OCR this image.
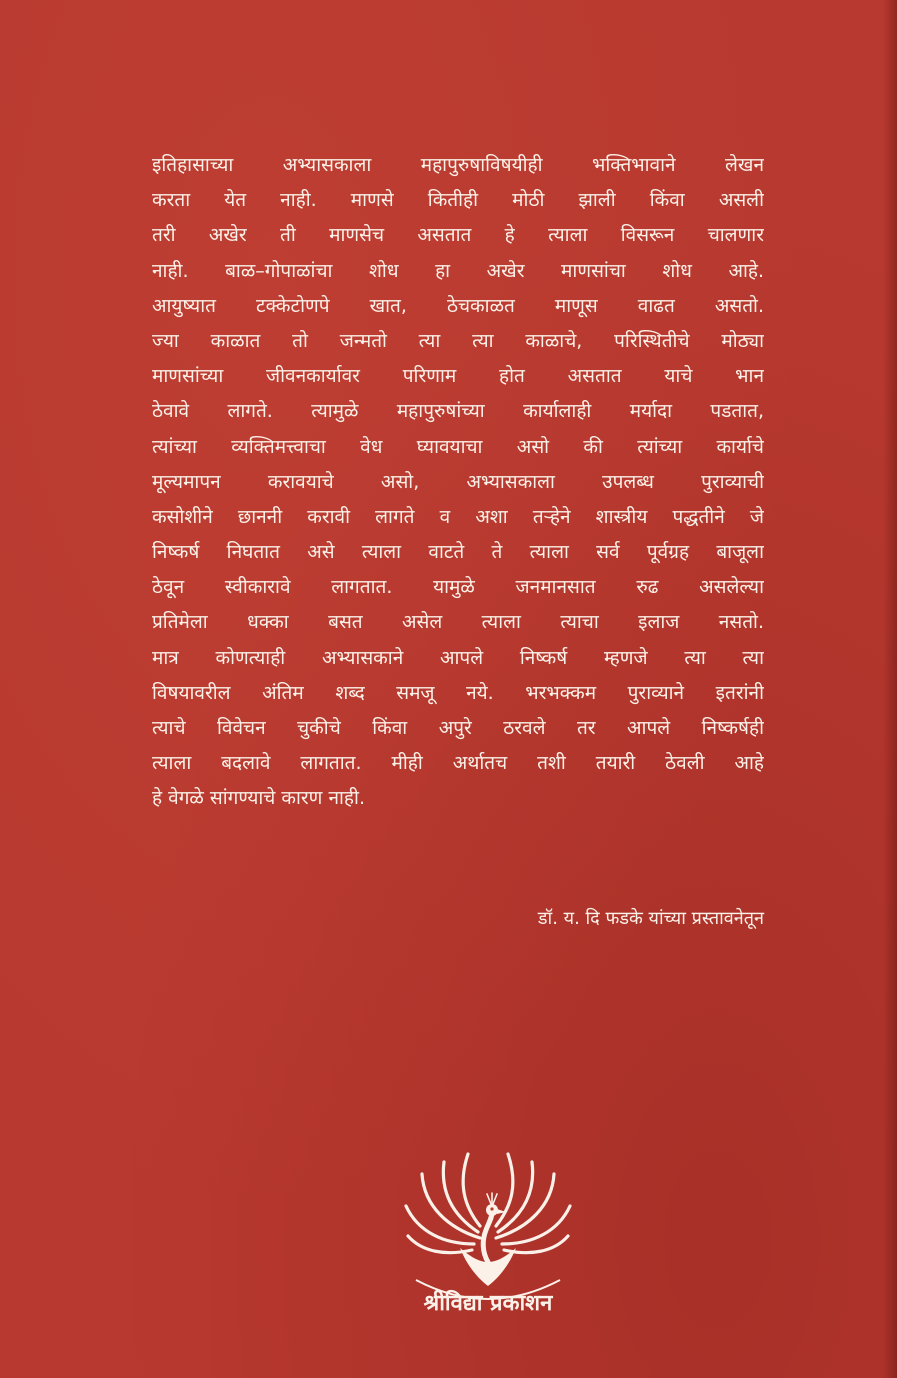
इतिहासाच्या अभ्यासकाला महापुरुषाविषयीही भक्तिभावाने लेखन
करता येत नाही. माणसे कितीही मोठी झाली किंवा असली
तरी अखेर ती माणसेच असतात हे त्याला विसरून चालणार
नाही. बाळ–गोपाळांचा शोध हा अखेर माणसांचा शोध आहे.
आयुष्यात टक्केटोणपे खात, ठेचकाळत माणूस वाढत असतो.
ज्या काळात तो जन्मतो त्या त्या काळाचे, परिस्थितीचे मोठ्या
माणसांच्या जीवनकार्यावर परिणाम होत असतात याचे भान
ठेवावे लागते. त्यामुळे महापुरुषांच्या कार्यालाही मर्यादा पडतात,
त्यांच्या व्यक्तिमत्त्वाचा वेध घ्यावयाचा असो की त्यांच्या कार्याचे
मूल्यमापन करावयाचे असो, अभ्यासकाला उपलब्ध पुराव्याची
कसोशीने छाननी करावी लागते व अशा तऱ्हेने शास्त्रीय पद्धतीने जे
निष्कर्ष निघतात असे त्याला वाटते ते त्याला सर्व पूर्वग्रह बाजूला
ठेवून स्वीकारावे लागतात. यामुळे जनमानसात रुढ असलेल्या
प्रतिमेला धक्का बसत असेल त्याला त्याचा इलाज नसतो.
मात्र कोणत्याही अभ्यासकाने आपले निष्कर्ष म्हणजे त्या त्या
विषयावरील अंतिम शब्द समजू नये. भरभक्कम पुराव्याने इतरांनी
त्याचे विवेचन चुकीचे किंवा अपुरे ठरवले तर आपले निष्कर्षही
त्याला बदलावे लागतात. मीही अर्थातच तशी तयारी ठेवली आहे
हे वेगळे सांगण्याचे कारण नाही.
डॉ. य. दि फडके यांच्या प्रस्तावनेतून
श्रीविद्या प्रकाशन
